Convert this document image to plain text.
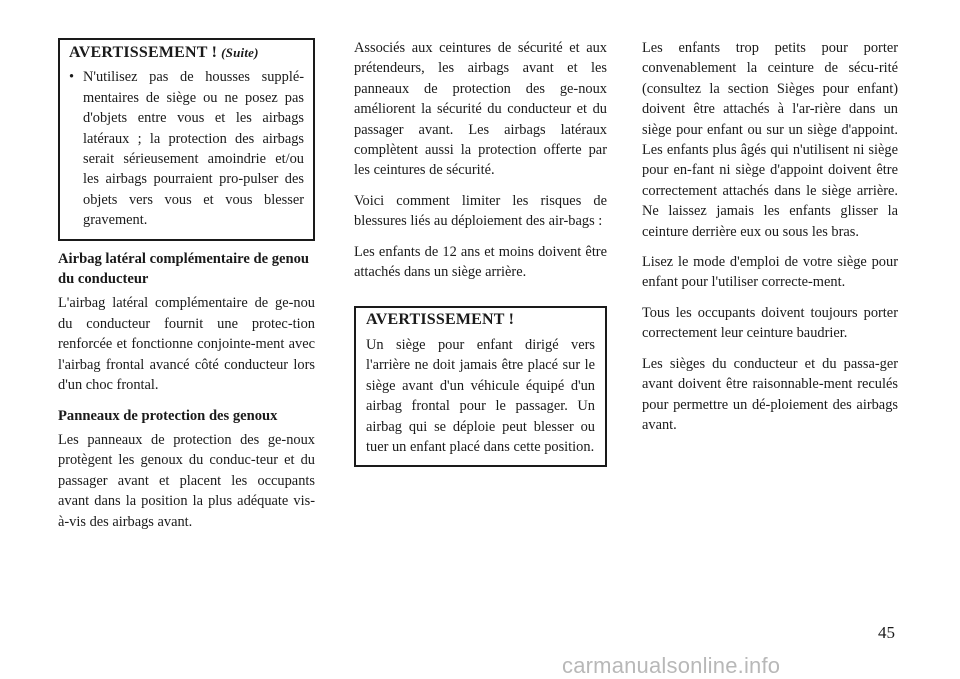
AVERTISSEMENT ! (Suite)
• N'utilisez pas de housses supplé-mentaires de siège ou ne posez pas d'objets entre vous et les airbags latéraux ; la protection des airbags serait sérieusement amoindrie et/ou les airbags pourraient pro-pulser des objets vers vous et vous blesser gravement.
Airbag latéral complémentaire de genou du conducteur

L'airbag latéral complémentaire de ge-nou du conducteur fournit une protec-tion renforcée et fonctionne conjointe-ment avec l'airbag frontal avancé côté conducteur lors d'un choc frontal.

Panneaux de protection des genoux

Les panneaux de protection des ge-noux protègent les genoux du conduc-teur et du passager avant et placent les occupants avant dans la position la plus adéquate vis-à-vis des airbags avant.

Associés aux ceintures de sécurité et aux prétendeurs, les airbags avant et les panneaux de protection des ge-noux améliorent la sécurité du conducteur et du passager avant. Les airbags latéraux complètent aussi la protection offerte par les ceintures de sécurité.

Voici comment limiter les risques de blessures liés au déploiement des air-bags :

Les enfants de 12 ans et moins doivent être attachés dans un siège arrière.

AVERTISSEMENT !

Un siège pour enfant dirigé vers l'arrière ne doit jamais être placé sur le siège avant d'un véhicule équipé d'un airbag frontal pour le passager. Un airbag qui se déploie peut blesser ou tuer un enfant placé dans cette position.

Les enfants trop petits pour porter convenablement la ceinture de sécu-rité (consultez la section Sièges pour enfant) doivent être attachés à l'ar-rière dans un siège pour enfant ou sur un siège d'appoint. Les enfants plus âgés qui n'utilisent ni siège pour en-fant ni siège d'appoint doivent être correctement attachés dans le siège arrière. Ne laissez jamais les enfants glisser la ceinture derrière eux ou sous les bras.

Lisez le mode d'emploi de votre siège pour enfant pour l'utiliser correcte-ment.

Tous les occupants doivent toujours porter correctement leur ceinture baudrier.

Les sièges du conducteur et du passa-ger avant doivent être raisonnable-ment reculés pour permettre un dé-ploiement des airbags avant.

45
carmanualsonline.info
